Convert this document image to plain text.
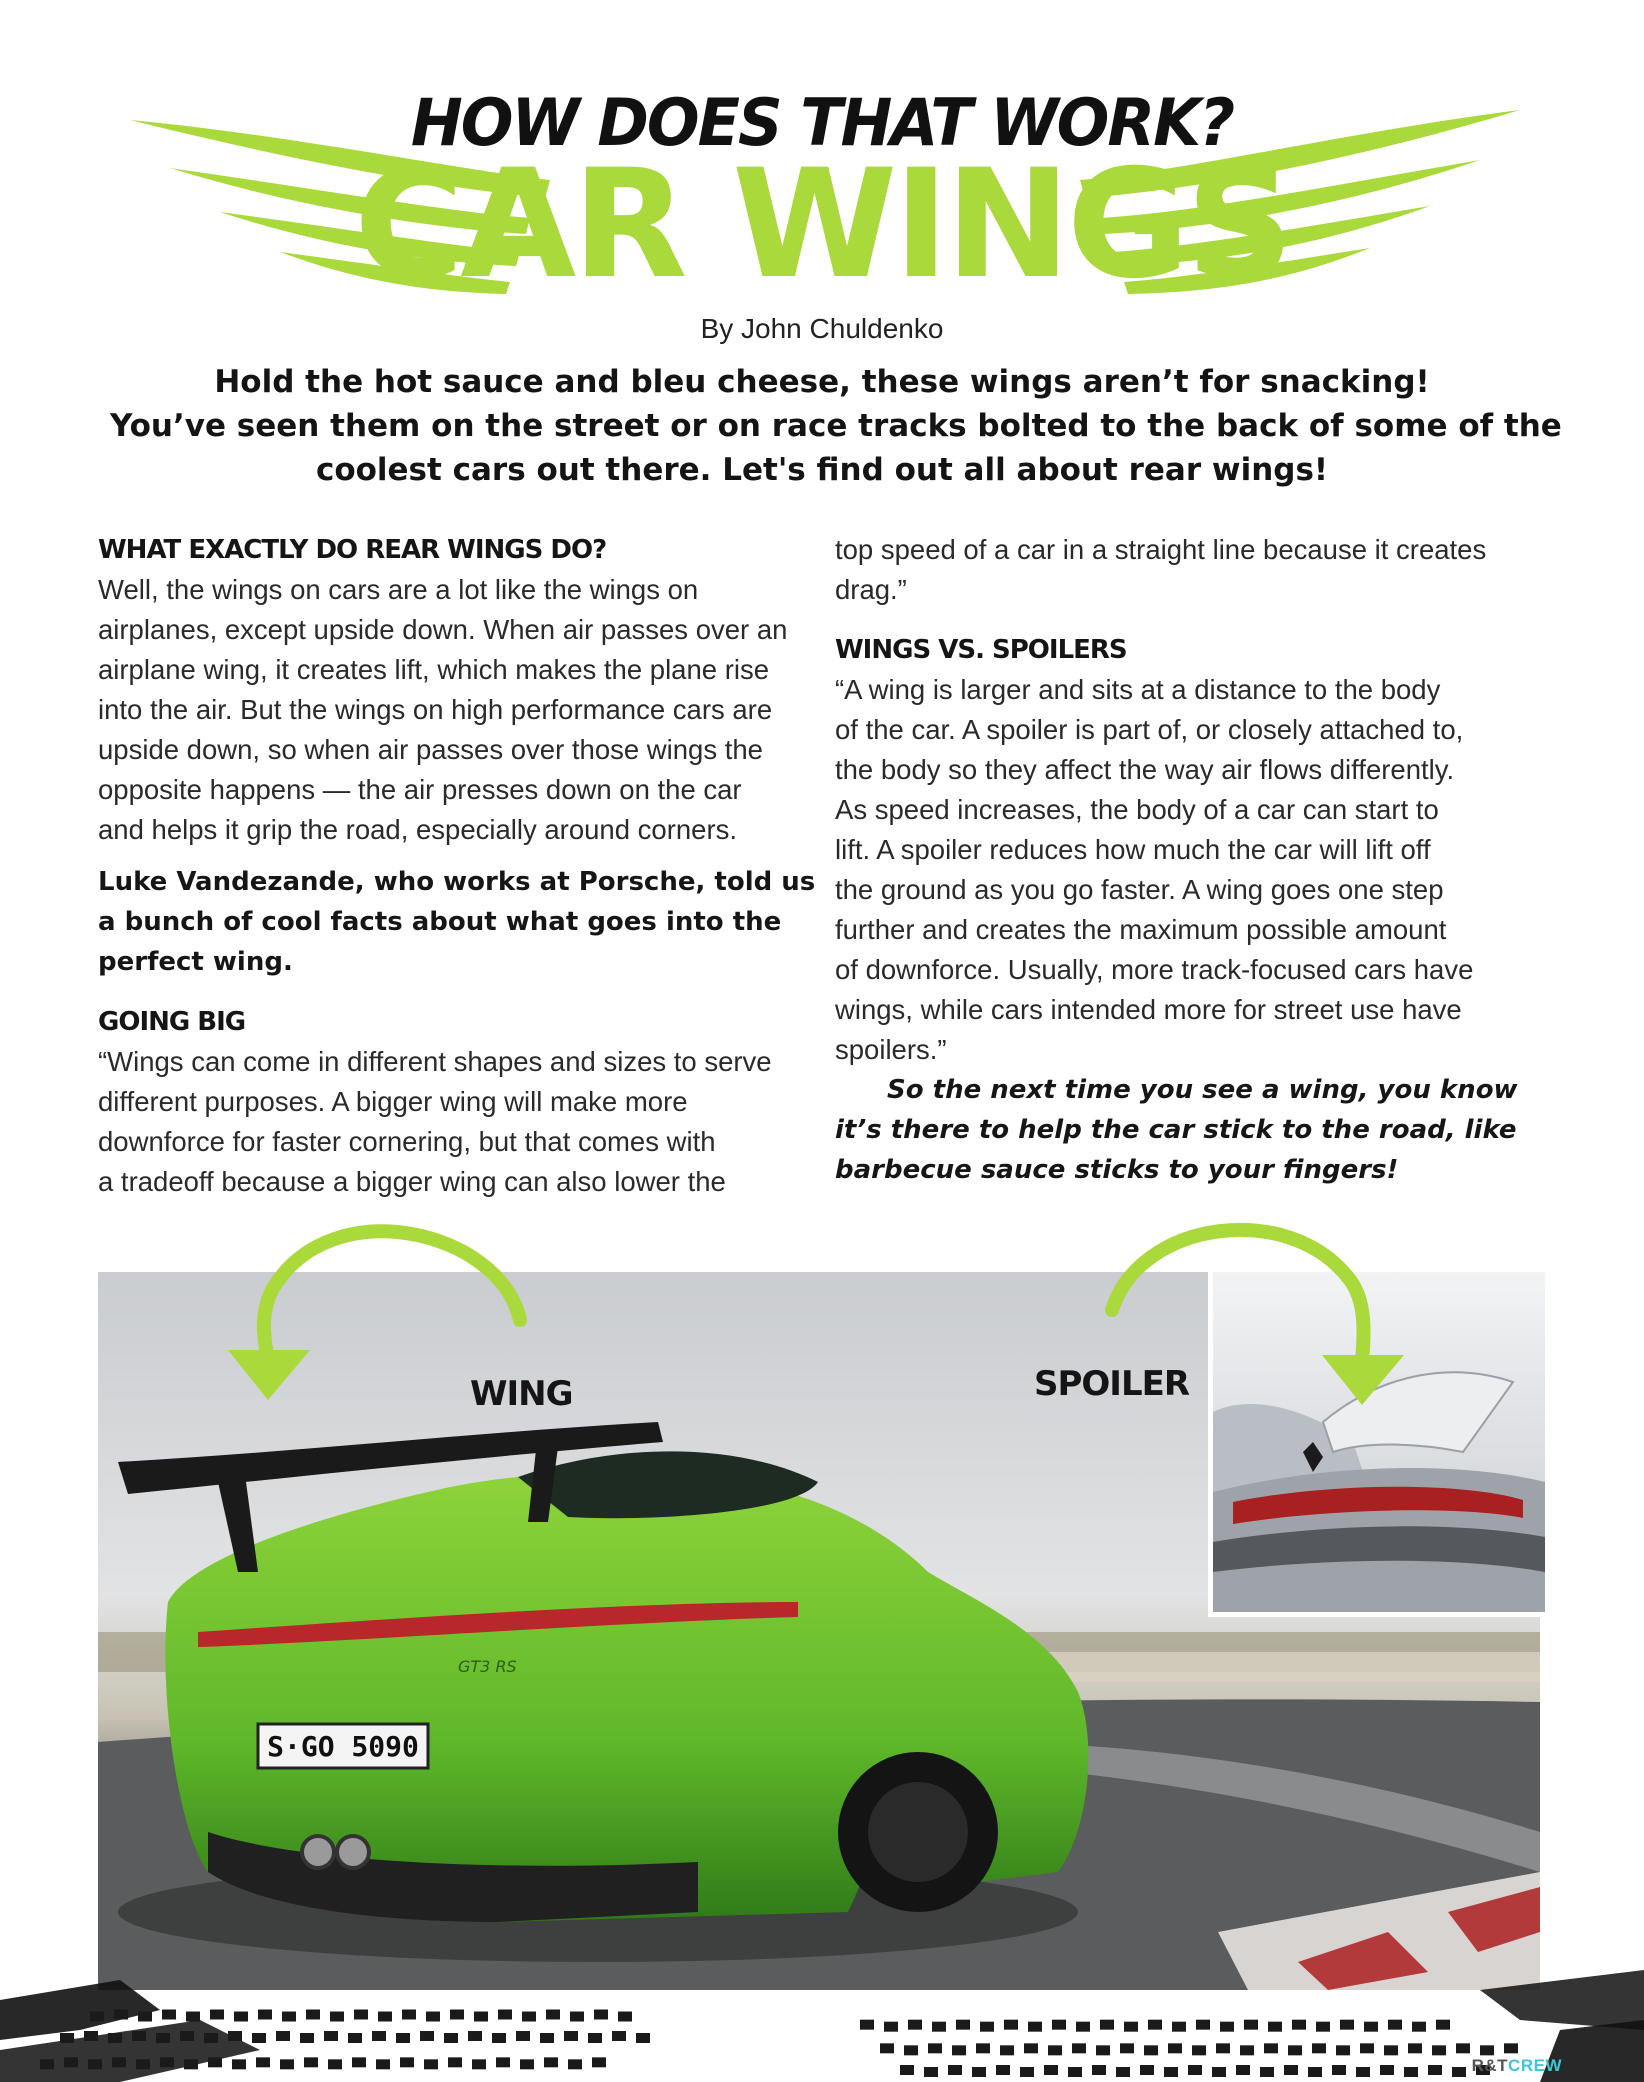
HOW DOES THAT WORK?
CAR WINGS
By John Chuldenko
Hold the hot sauce and bleu cheese, these wings aren’t for snacking!
You’ve seen them on the street or on race tracks bolted to the back of some of the
coolest cars out there. Let's find out all about rear wings!
WHAT EXACTLY DO REAR WINGS DO?
Well, the wings on cars are a lot like the wings on
airplanes, except upside down. When air passes over an
airplane wing, it creates lift, which makes the plane rise
into the air. But the wings on high performance cars are
upside down, so when air passes over those wings the
opposite happens — the air presses down on the car
and helps it grip the road, especially around corners.
Luke Vandezande, who works at Porsche, told us
a bunch of cool facts about what goes into the
perfect wing.
GOING BIG
“Wings can come in different shapes and sizes to serve
different purposes. A bigger wing will make more
downforce for faster cornering, but that comes with
a tradeoff because a bigger wing can also lower the
top speed of a car in a straight line because it creates
drag.”
WINGS VS. SPOILERS
“A wing is larger and sits at a distance to the body
of the car. A spoiler is part of, or closely attached to,
the body so they affect the way air flows differently.
As speed increases, the body of a car can start to
lift. A spoiler reduces how much the car will lift off
the ground as you go faster. A wing goes one step
further and creates the maximum possible amount
of downforce. Usually, more track-focused cars have
wings, while cars intended more for street use have
spoilers.”
So the next time you see a wing, you know
it’s there to help the car stick to the road, like
barbecue sauce sticks to your fingers!
S·GO 5090
GT3 RS
WING	SPOILER
R&TCREW
